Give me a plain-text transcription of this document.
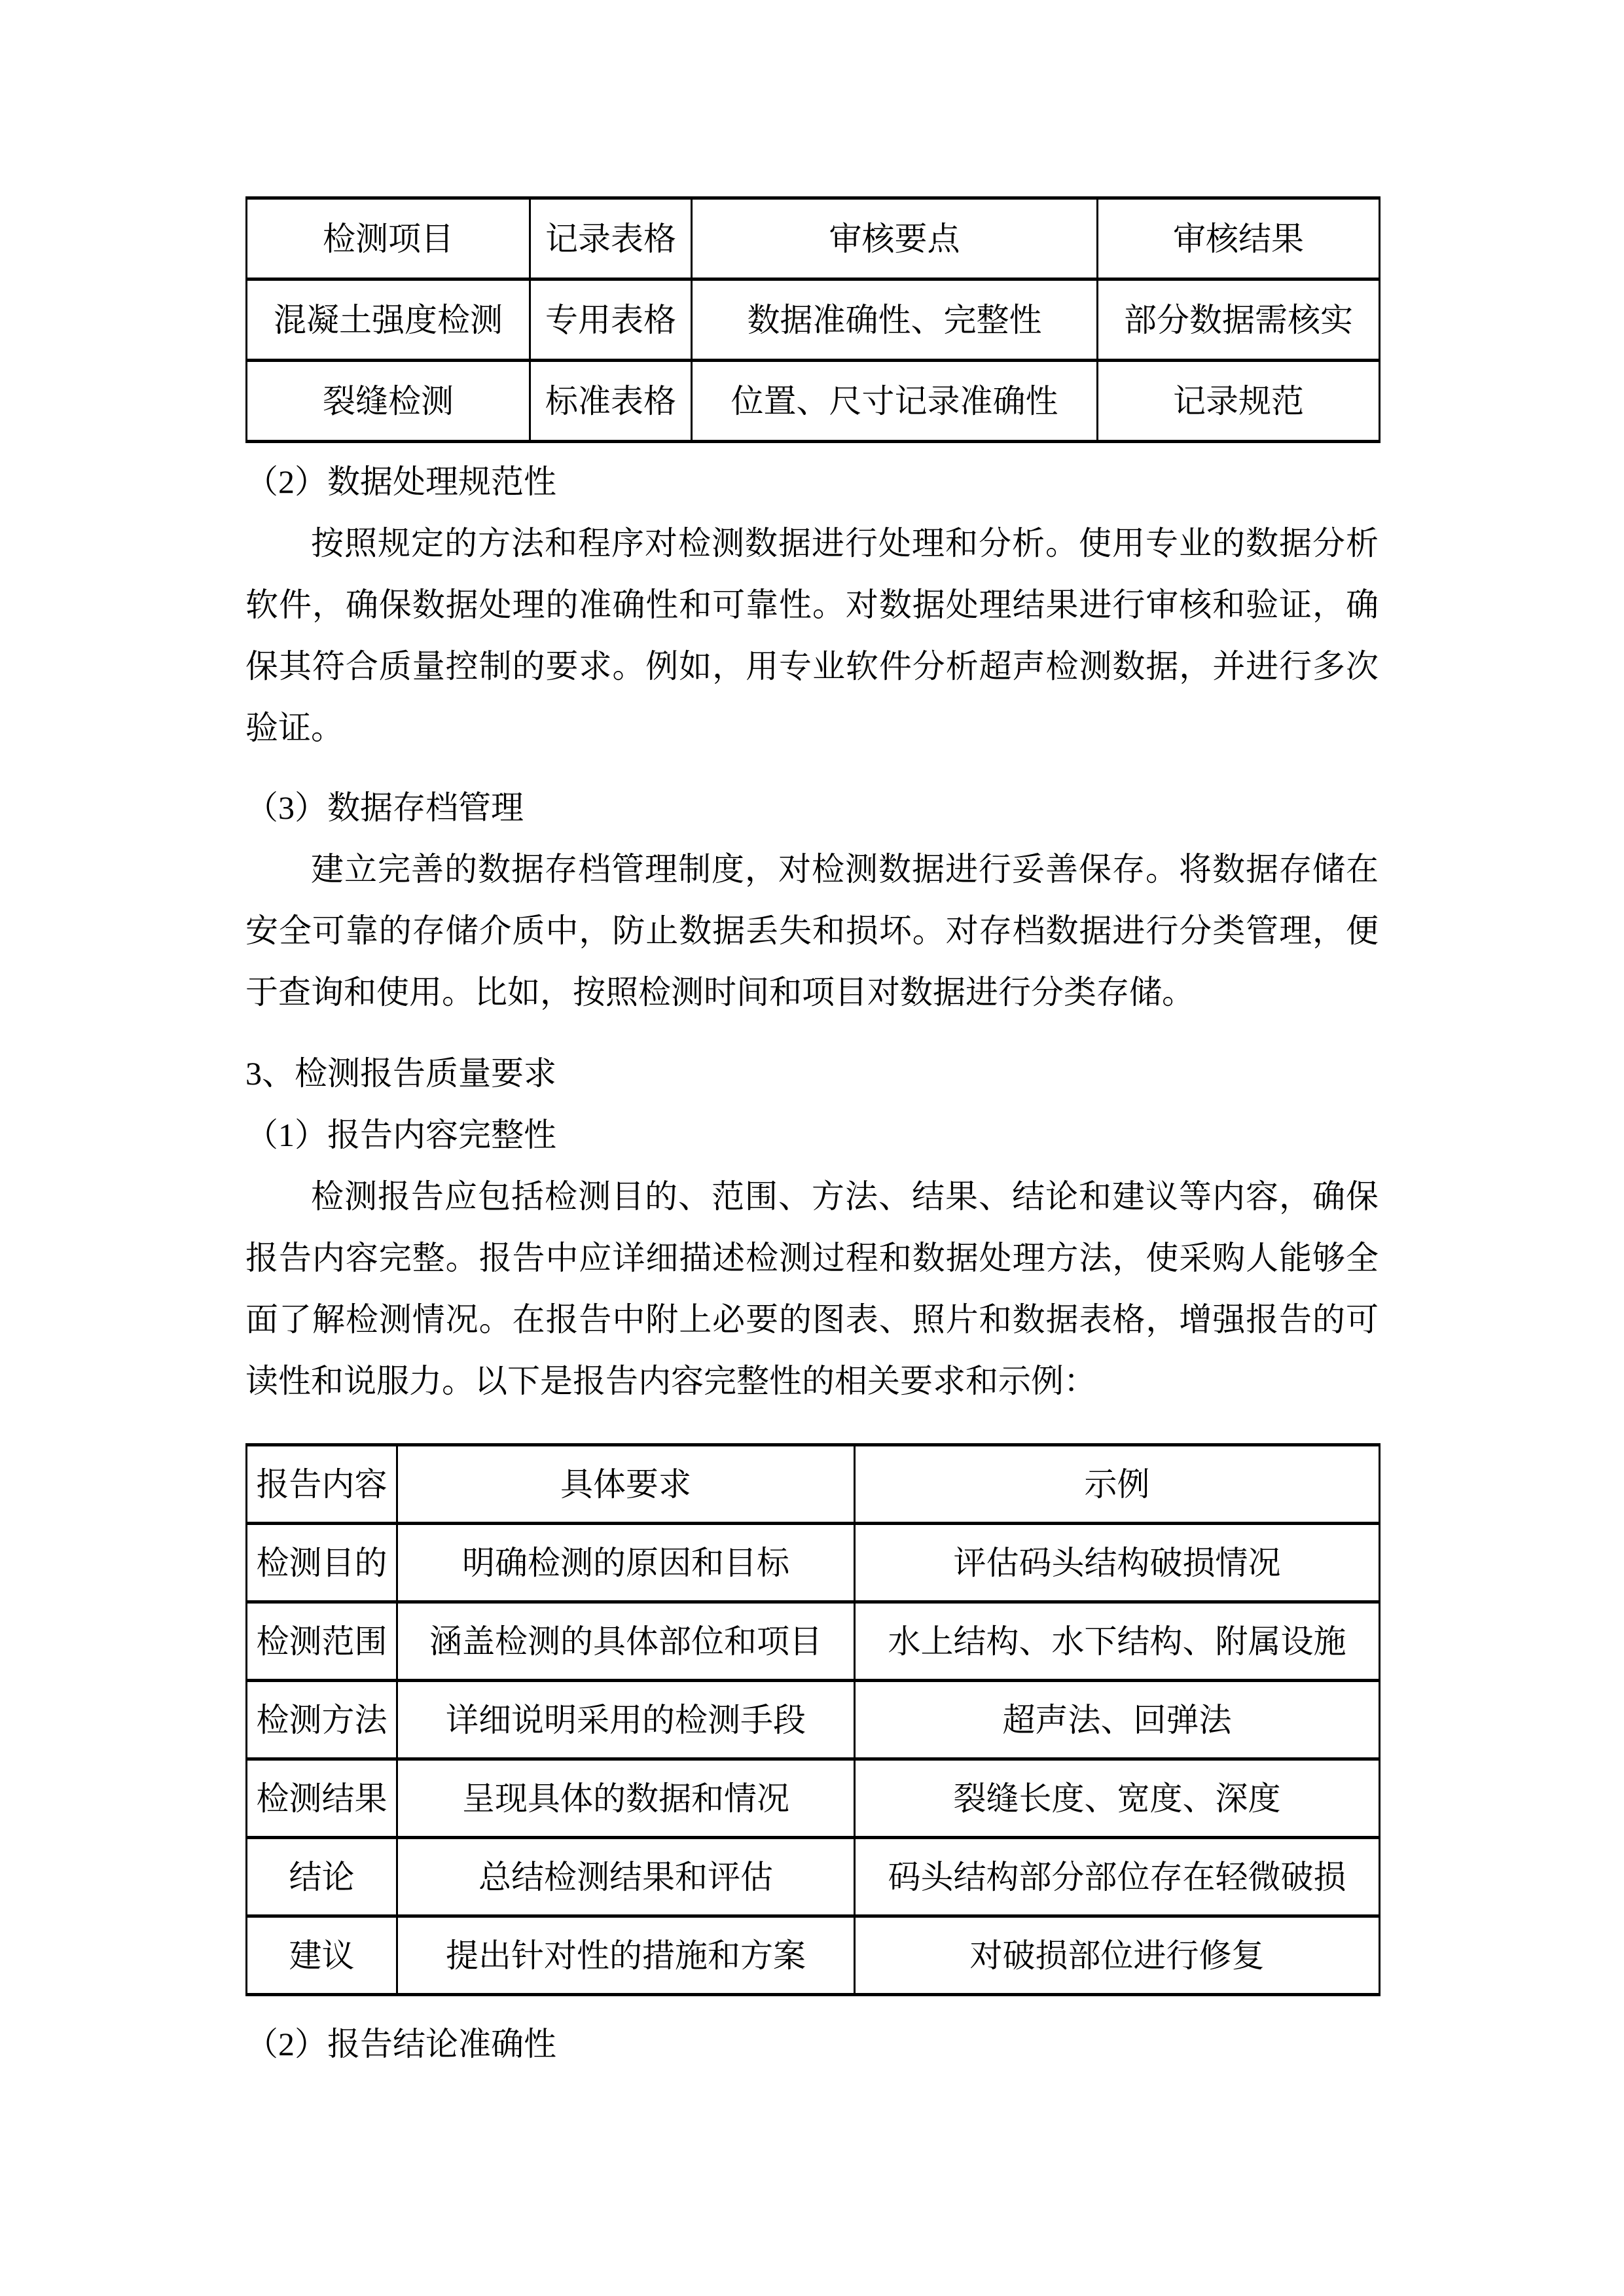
检测项目	记录表格	审核要点	审核结果
混凝土强度检测	专用表格	数据准确性、完整性	部分数据需核实
裂缝检测	标准表格	位置、尺寸记录准确性	记录规范

（2）数据处理规范性

按照规定的方法和程序对检测数据进行处理和分析。使用专业的数据分析软件，确保数据处理的准确性和可靠性。对数据处理结果进行审核和验证，确保其符合质量控制的要求。例如，用专业软件分析超声检测数据，并进行多次验证。

（3）数据存档管理

建立完善的数据存档管理制度，对检测数据进行妥善保存。将数据存储在安全可靠的存储介质中，防止数据丢失和损坏。对存档数据进行分类管理，便于查询和使用。比如，按照检测时间和项目对数据进行分类存储。

3、检测报告质量要求

（1）报告内容完整性

检测报告应包括检测目的、范围、方法、结果、结论和建议等内容，确保报告内容完整。报告中应详细描述检测过程和数据处理方法，使采购人能够全面了解检测情况。在报告中附上必要的图表、照片和数据表格，增强报告的可读性和说服力。以下是报告内容完整性的相关要求和示例：

报告内容	具体要求	示例
检测目的	明确检测的原因和目标	评估码头结构破损情况
检测范围	涵盖检测的具体部位和项目	水上结构、水下结构、附属设施
检测方法	详细说明采用的检测手段	超声法、回弹法
检测结果	呈现具体的数据和情况	裂缝长度、宽度、深度
结论	总结检测结果和评估	码头结构部分部位存在轻微破损
建议	提出针对性的措施和方案	对破损部位进行修复

（2）报告结论准确性
